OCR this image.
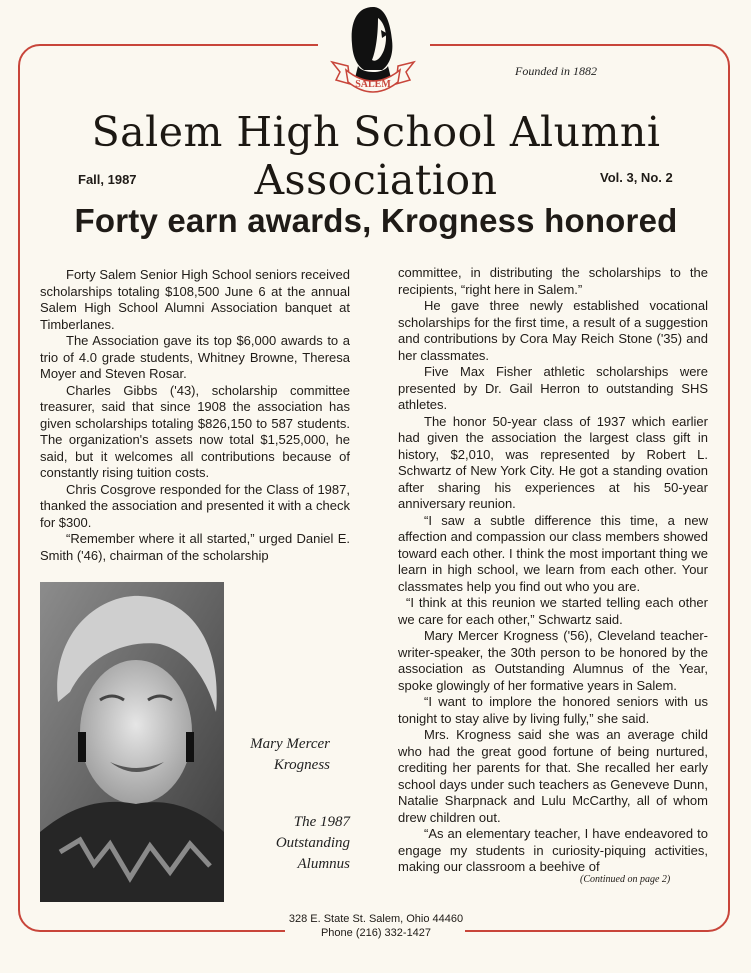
SALEM
Founded in 1882
Salem High School Alumni Association
Fall, 1987	Vol. 3, No. 2
Forty earn awards, Krogness honored

Forty Salem Senior High School seniors received scholarships totaling $108,500 June 6 at the annual Salem High School Alumni Association banquet at Timberlanes.

The Association gave its top $6,000 awards to a trio of 4.0 grade students, Whitney Browne, Theresa Moyer and Steven Rosar.

Charles Gibbs ('43), scholarship committee treasurer, said that since 1908 the association has given scholarships totaling $826,150 to 587 students. The organization's assets now total $1,525,000, he said, but it welcomes all contributions because of constantly rising tuition costs.

Chris Cosgrove responded for the Class of 1987, thanked the association and presented it with a check for $300.

“Remember where it all started,” urged Daniel E. Smith ('46), chairman of the scholarship

Mary Mercer
Krogness
The 1987
Outstanding
Alumnus

committee, in distributing the scholarships to the recipients, “right here in Salem.”

He gave three newly established vocational scholarships for the first time, a result of a suggestion and contributions by Cora May Reich Stone ('35) and her classmates.

Five Max Fisher athletic scholarships were presented by Dr. Gail Herron to outstanding SHS athletes.

The honor 50-year class of 1937 which earlier had given the association the largest class gift in history, $2,010, was represented by Robert L. Schwartz of New York City. He got a standing ovation after sharing his experiences at his 50-year anniversary reunion.

“I saw a subtle difference this time, a new affection and compassion our class members showed toward each other. I think the most important thing we learn in high school, we learn from each other. Your classmates help you find out who you are.

“I think at this reunion we started telling each other we care for each other,” Schwartz said.

Mary Mercer Krogness ('56), Cleveland teacher-writer-speaker, the 30th person to be honored by the association as Outstanding Alumnus of the Year, spoke glowingly of her formative years in Salem.

“I want to implore the honored seniors with us tonight to stay alive by living fully,” she said.

Mrs. Krogness said she was an average child who had the great good fortune of being nurtured, crediting her parents for that. She recalled her early school days under such teachers as Geneveve Dunn, Natalie Sharpnack and Lulu McCarthy, all of whom drew children out.

“As an elementary teacher, I have endeavored to engage my students in curiosity-piquing activities, making our classroom a beehive of

(Continued on page 2)
328 E. State St. Salem, Ohio 44460
Phone (216) 332-1427
